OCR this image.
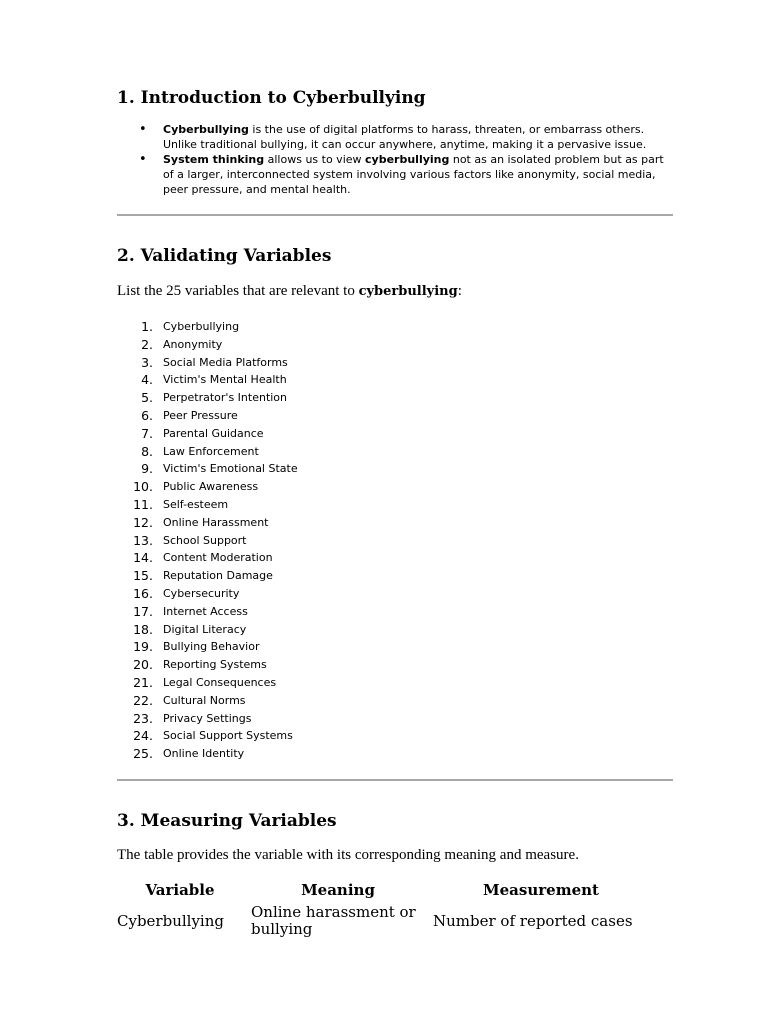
1. Introduction to Cyberbullying
• Cyberbullying is the use of digital platforms to harass, threaten, or embarrass others. Unlike traditional bullying, it can occur anywhere, anytime, making it a pervasive issue.
• System thinking allows us to view cyberbullying not as an isolated problem but as part of a larger, interconnected system involving various factors like anonymity, social media, peer pressure, and mental health.
2. Validating Variables

List the 25 variables that are relevant to cyberbullying:

1. Cyberbullying
2. Anonymity
3. Social Media Platforms
4. Victim's Mental Health
5. Perpetrator's Intention
6. Peer Pressure
7. Parental Guidance
8. Law Enforcement
9. Victim's Emotional State
10. Public Awareness
11. Self-esteem
12. Online Harassment
13. School Support
14. Content Moderation
15. Reputation Damage
16. Cybersecurity
17. Internet Access
18. Digital Literacy
19. Bullying Behavior
20. Reporting Systems
21. Legal Consequences
22. Cultural Norms
23. Privacy Settings
24. Social Support Systems
25. Online Identity
3. Measuring Variables

The table provides the variable with its corresponding meaning and measure.

Variable	Meaning	Measurement
Cyberbullying	Online harassment or bullying	Number of reported cases
